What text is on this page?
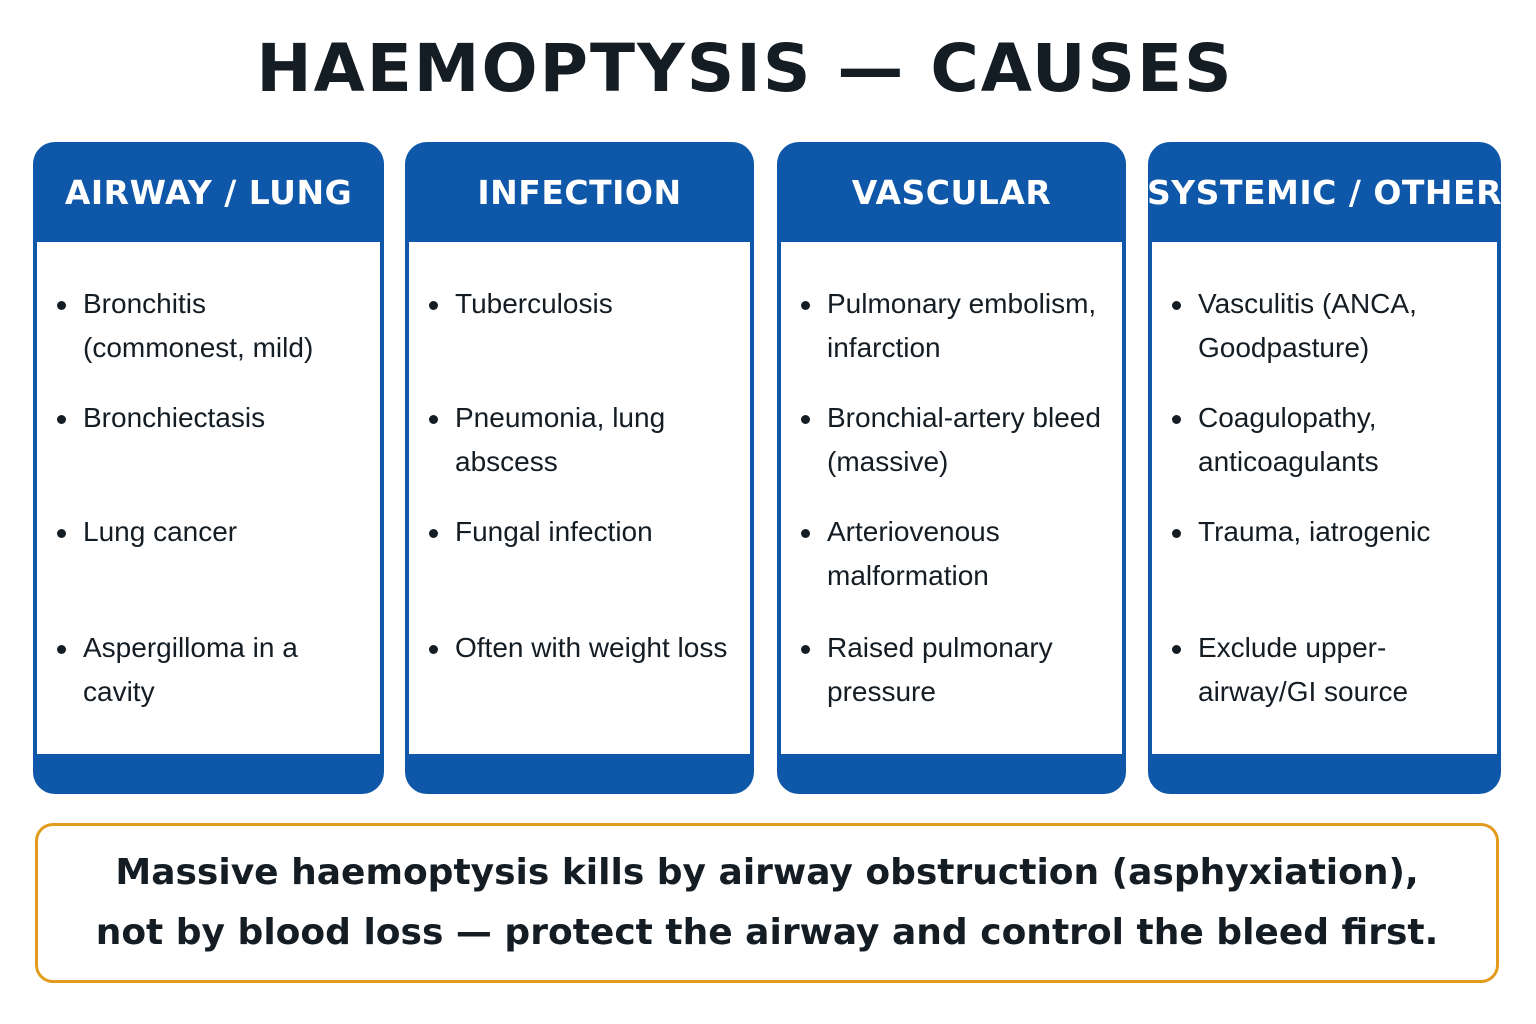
HAEMOPTYSIS — CAUSES
AIRWAY / LUNG
Bronchitis (commonest, mild)
Bronchiectasis
Lung cancer
Aspergilloma in a cavity
INFECTION
Tuberculosis
Pneumonia, lung abscess
Fungal infection
Often with weight loss
VASCULAR
Pulmonary embolism, infarction
Bronchial-artery bleed (massive)
Arteriovenous malformation
Raised pulmonary pressure
SYSTEMIC / OTHER
Vasculitis (ANCA, Goodpasture)
Coagulopathy, anticoagulants
Trauma, iatrogenic
Exclude upper-airway/GI source
Massive haemoptysis kills by airway obstruction (asphyxiation),
not by blood loss — protect the airway and control the bleed first.
